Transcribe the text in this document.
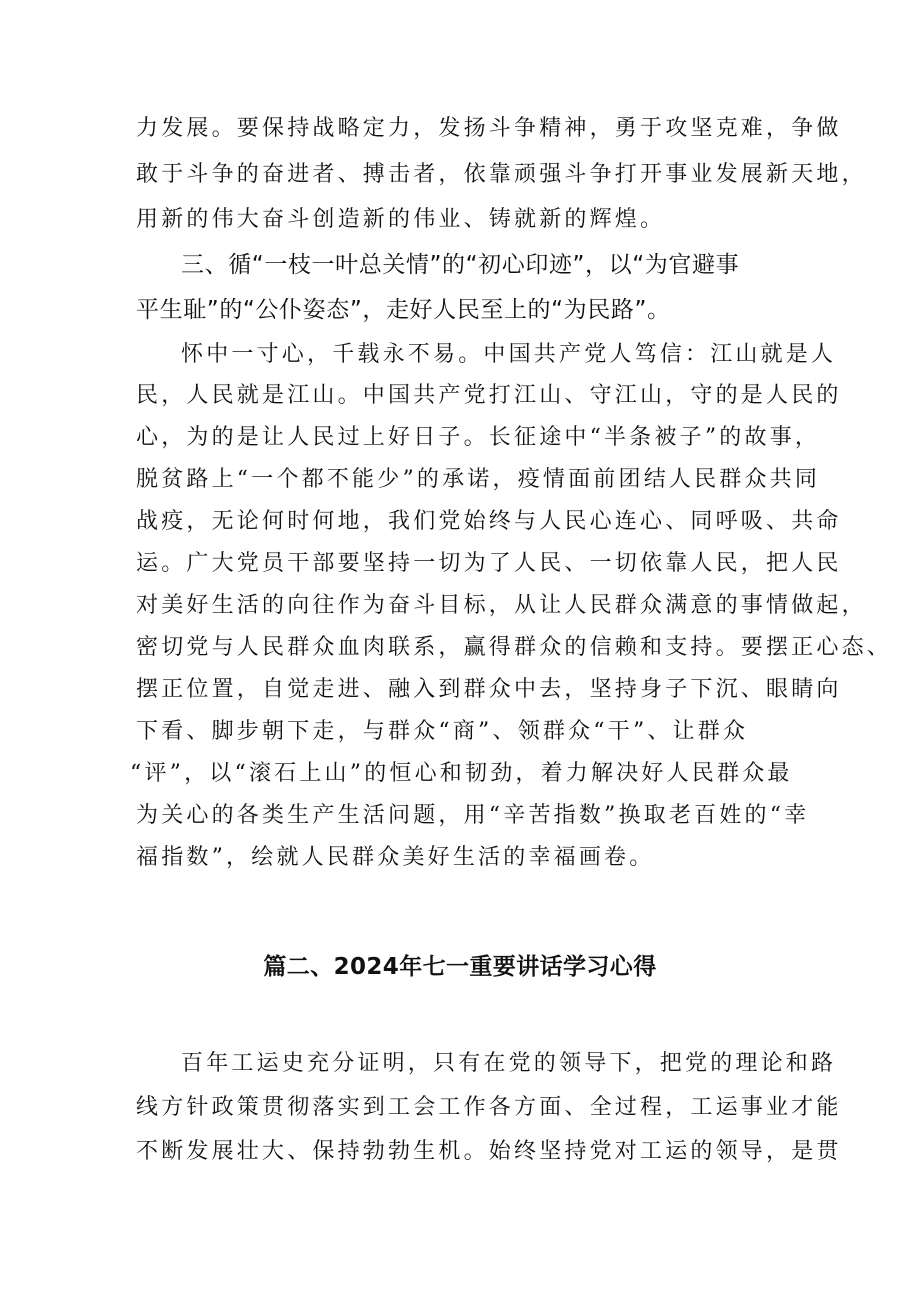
力发展。要保持战略定力，发扬斗争精神，勇于攻坚克难，争做
敢于斗争的奋进者、搏击者，依靠顽强斗争打开事业发展新天地，
用新的伟大奋斗创造新的伟业、铸就新的辉煌。
三、循“一枝一叶总关情”的“初心印迹”，以“为官避事
平生耻”的“公仆姿态”，走好人民至上的“为民路”。
怀中一寸心，千载永不易。中国共产党人笃信：江山就是人
民，人民就是江山。中国共产党打江山、守江山，守的是人民的
心，为的是让人民过上好日子。长征途中“半条被子”的故事，
脱贫路上“一个都不能少”的承诺，疫情面前团结人民群众共同
战疫，无论何时何地，我们党始终与人民心连心、同呼吸、共命
运。广大党员干部要坚持一切为了人民、一切依靠人民，把人民
对美好生活的向往作为奋斗目标，从让人民群众满意的事情做起，
密切党与人民群众血肉联系，赢得群众的信赖和支持。要摆正心态、
摆正位置，自觉走进、融入到群众中去，坚持身子下沉、眼睛向
下看、脚步朝下走，与群众“商”、领群众“干”、让群众
“评”，以“滚石上山”的恒心和韧劲，着力解决好人民群众最
为关心的各类生产生活问题，用“辛苦指数”换取老百姓的“幸
福指数”，绘就人民群众美好生活的幸福画卷。
篇二、2024年七一重要讲话学习心得
百年工运史充分证明，只有在党的领导下，把党的理论和路
线方针政策贯彻落实到工会工作各方面、全过程，工运事业才能
不断发展壮大、保持勃勃生机。始终坚持党对工运的领导，是贯
